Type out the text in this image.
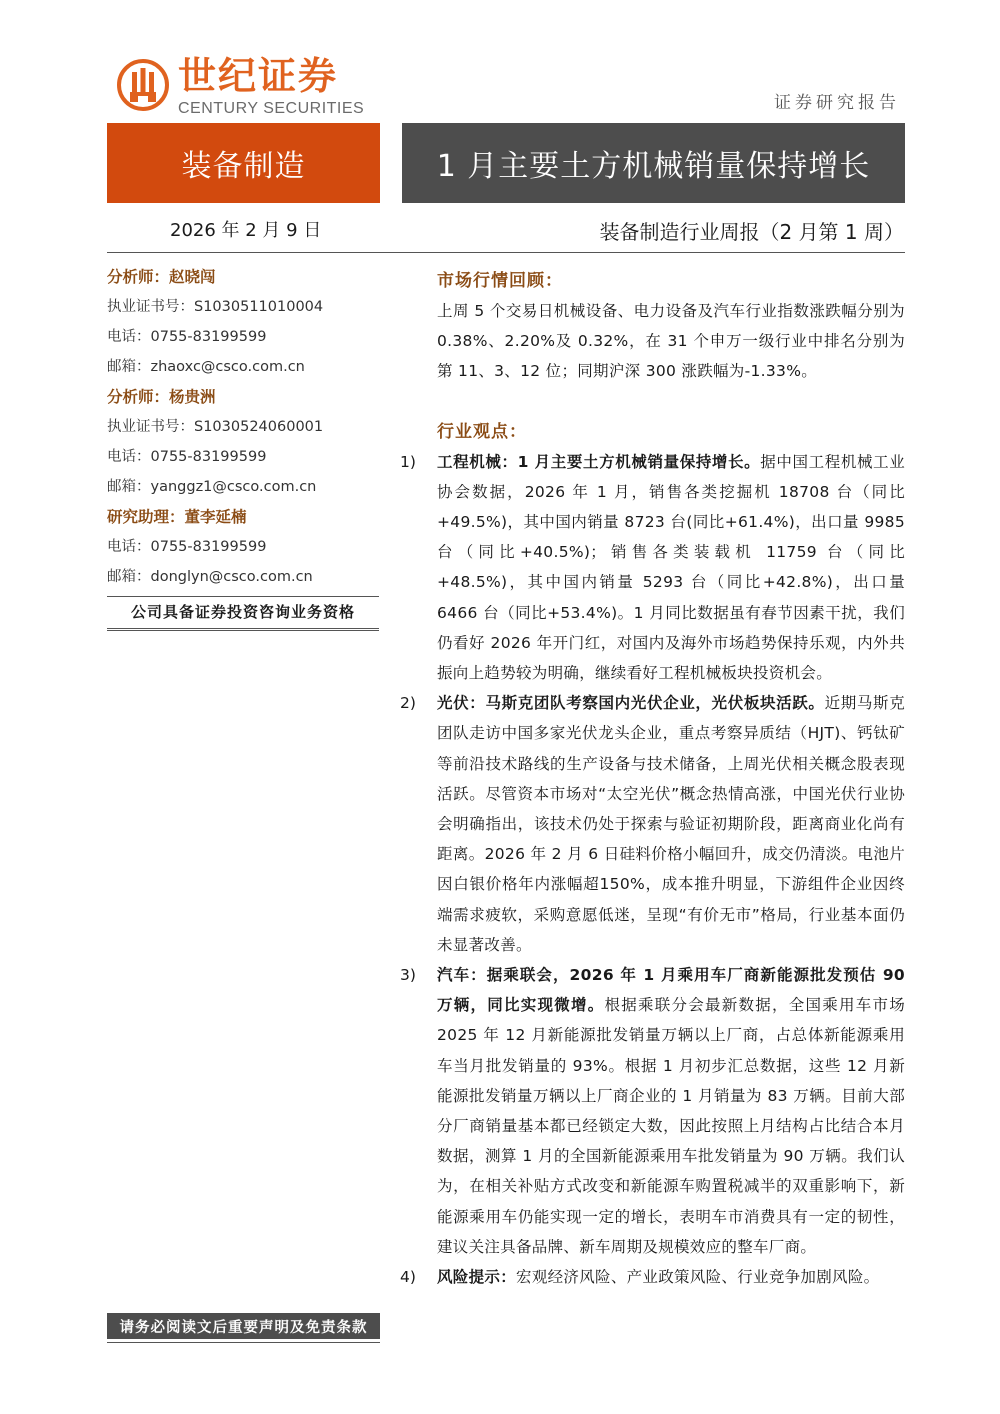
世纪证券
CENTURY SECURITIES	证券研究报告
装备制造	1 月主要土方机械销量保持增长
2026 年 2 月 9 日	装备制造行业周报（2 月第 1 周）
分析师：赵晓闯
执业证书号：S1030511010004
电话：0755-83199599
邮箱：zhaoxc@csco.com.cn
分析师：杨贵洲
执业证书号：S1030524060001
电话：0755-83199599
邮箱：yanggz1@csco.com.cn
研究助理：董李延楠
电话：0755-83199599
邮箱：donglyn@csco.com.cn
公司具备证券投资咨询业务资格
请务必阅读文后重要声明及免责条款
市场行情回顾：
上周 5 个交易日机械设备、电力设备及汽车行业指数涨跌幅分别为 0.38%、2.20%及 0.32%，在 31 个申万一级行业中排名分别为第 11、3、12 位；同期沪深 300 涨跌幅为-1.33%。
行业观点：
1) 工程机械：1 月主要土方机械销量保持增长。据中国工程机械工业协会数据，2026 年 1 月，销售各类挖掘机 18708 台（同比+49.5%)，其中国内销量 8723 台(同比+61.4%)，出口量 9985 台（同比+40.5%)；销售各类装载机 11759 台（同比+48.5%)，其中国内销量 5293 台（同比+42.8%)，出口量 6466 台（同比+53.4%)。1 月同比数据虽有春节因素干扰，我们仍看好 2026 年开门红，对国内及海外市场趋势保持乐观，内外共振向上趋势较为明确，继续看好工程机械板块投资机会。
2) 光伏：马斯克团队考察国内光伏企业，光伏板块活跃。近期马斯克团队走访中国多家光伏龙头企业，重点考察异质结（HJT)、钙钛矿等前沿技术路线的生产设备与技术储备，上周光伏相关概念股表现活跃。尽管资本市场对“太空光伏”概念热情高涨，中国光伏行业协会明确指出，该技术仍处于探索与验证初期阶段，距离商业化尚有距离。2026 年 2 月 6 日硅料价格小幅回升，成交仍清淡。电池片因白银价格年内涨幅超150%，成本推升明显，下游组件企业因终端需求疲软，采购意愿低迷，呈现“有价无市”格局，行业基本面仍未显著改善。
3) 汽车：据乘联会，2026 年 1 月乘用车厂商新能源批发预估 90 万辆，同比实现微增。根据乘联分会最新数据，全国乘用车市场 2025 年 12 月新能源批发销量万辆以上厂商，占总体新能源乘用车当月批发销量的 93%。根据 1 月初步汇总数据，这些 12 月新能源批发销量万辆以上厂商企业的 1 月销量为 83 万辆。目前大部分厂商销量基本都已经锁定大数，因此按照上月结构占比结合本月数据，测算 1 月的全国新能源乘用车批发销量为 90 万辆。我们认为，在相关补贴方式改变和新能源车购置税减半的双重影响下，新能源乘用车仍能实现一定的增长，表明车市消费具有一定的韧性，建议关注具备品牌、新车周期及规模效应的整车厂商。
4) 风险提示：宏观经济风险、产业政策风险、行业竞争加剧风险。
